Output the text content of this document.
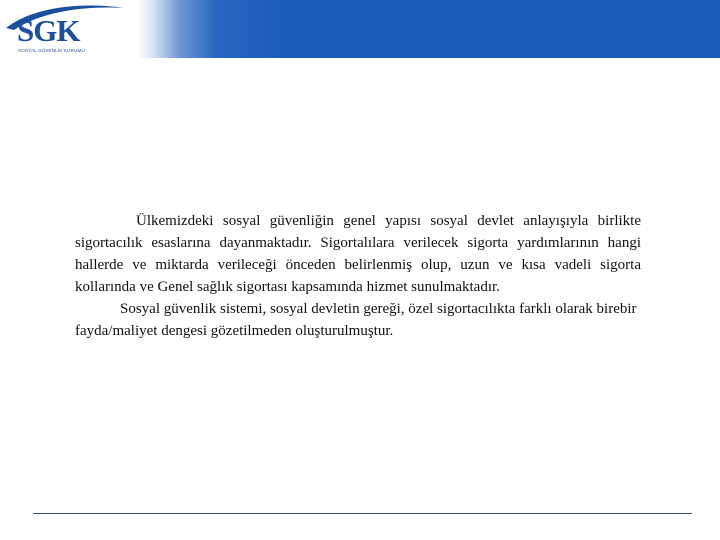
SGK
SOSYAL GÜVENLİK KURUMU

Ülkemizdeki sosyal güvenliğin genel yapısı sosyal devlet anlayışıyla birlikte sigortacılık esaslarına dayanmaktadır. Sigortalılara verilecek sigorta yardımlarının hangi hallerde ve miktarda verileceği önceden belirlenmiş olup, uzun ve kısa vadeli sigorta kollarında ve Genel sağlık sigortası kapsamında hizmet sunulmaktadır.

Sosyal güvenlik sistemi, sosyal devletin gereği, özel sigortacılıkta farklı olarak birebir fayda/maliyet dengesi gözetilmeden oluşturulmuştur.
